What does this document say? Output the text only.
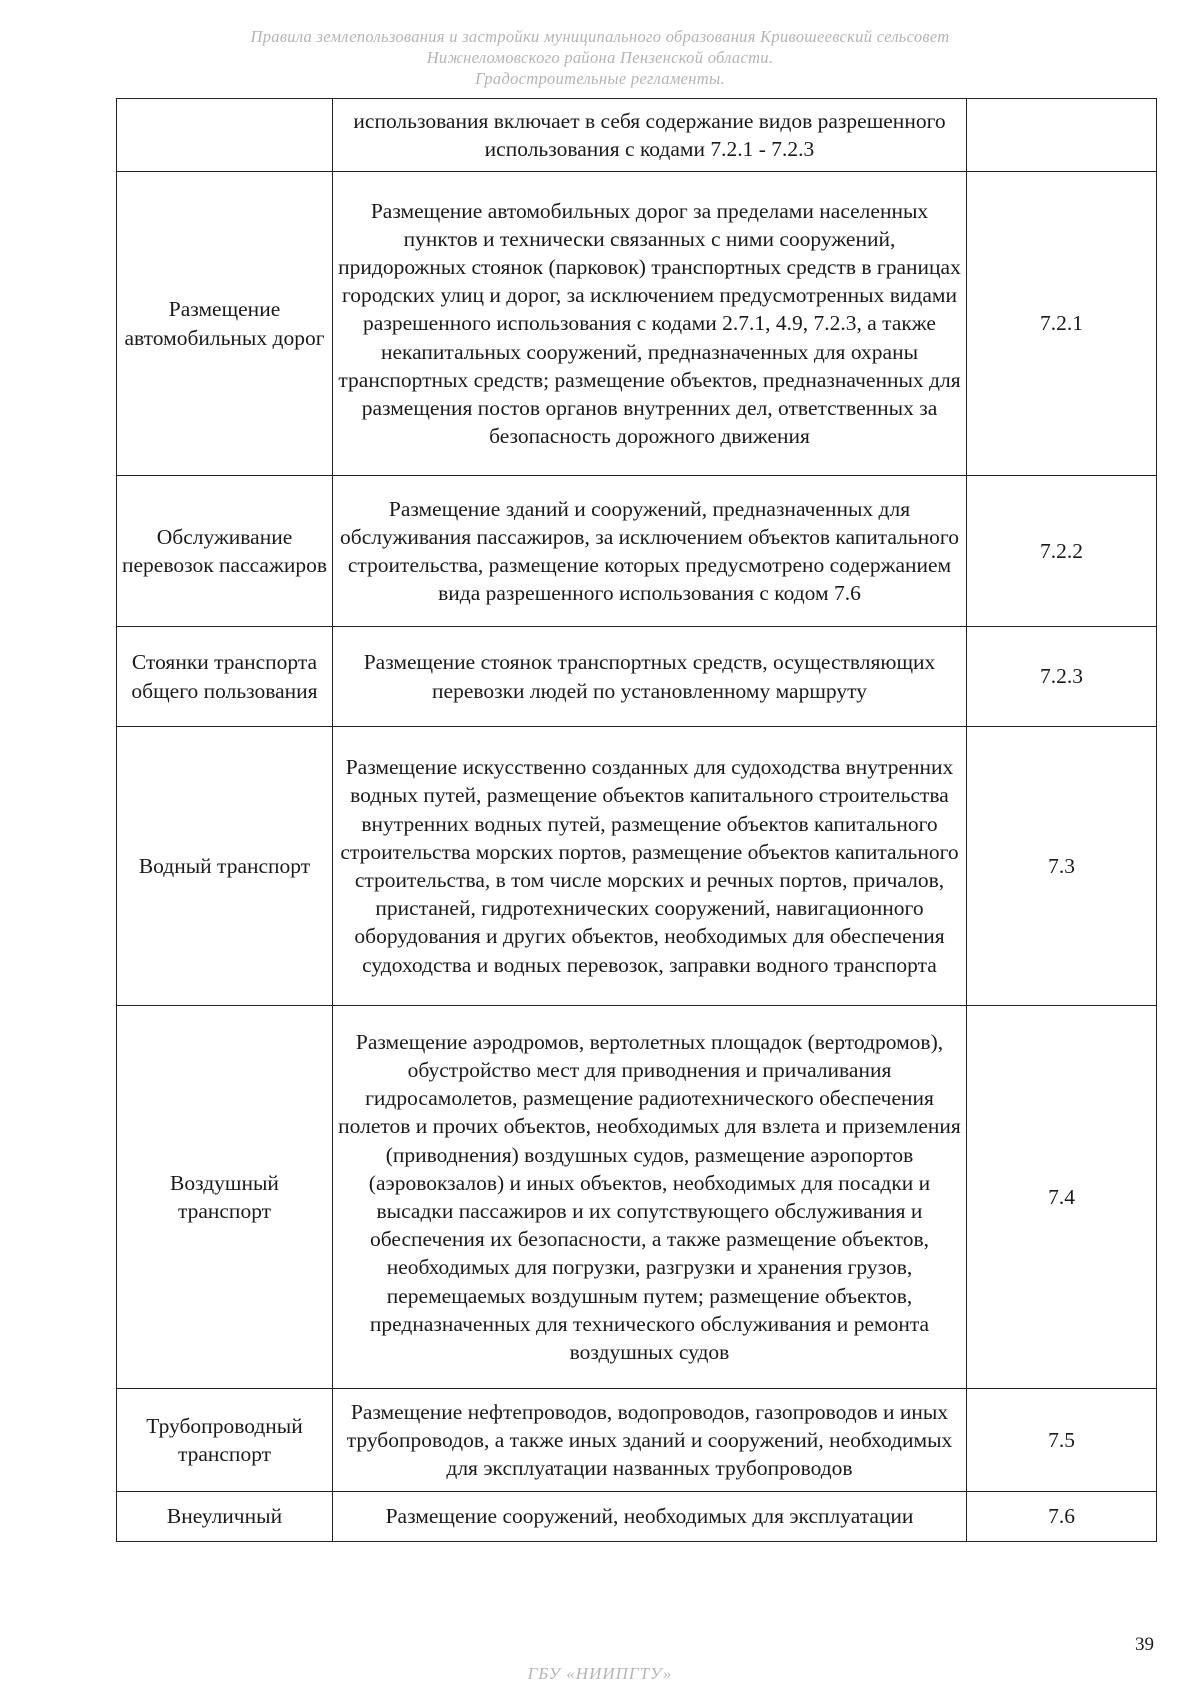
Правила землепользования и застройки муниципального образования Кривошеевский сельсовет
Нижнеломовского района Пензенской области.
Градостроительные регламенты.
	использования включает в себя содержание видов разрешенного использования с кодами 7.2.1 - 7.2.3	
Размещение автомобильных дорог	Размещение автомобильных дорог за пределами населенных пунктов и технически связанных с ними сооружений, придорожных стоянок (парковок) транспортных средств в границах городских улиц и дорог, за исключением предусмотренных видами разрешенного использования с кодами 2.7.1, 4.9, 7.2.3, а также некапитальных сооружений, предназначенных для охраны транспортных средств; размещение объектов, предназначенных для размещения постов органов внутренних дел, ответственных за безопасность дорожного движения	7.2.1
Обслуживание перевозок пассажиров	Размещение зданий и сооружений, предназначенных для обслуживания пассажиров, за исключением объектов капитального строительства, размещение которых предусмотрено содержанием вида разрешенного использования с кодом 7.6	7.2.2
Стоянки транспорта общего пользования	Размещение стоянок транспортных средств, осуществляющих перевозки людей по установленному маршруту	7.2.3
Водный транспорт	Размещение искусственно созданных для судоходства внутренних водных путей, размещение объектов капитального строительства внутренних водных путей, размещение объектов капитального строительства морских портов, размещение объектов капитального строительства, в том числе морских и речных портов, причалов, пристаней, гидротехнических сооружений, навигационного оборудования и других объектов, необходимых для обеспечения судоходства и водных перевозок, заправки водного транспорта	7.3
Воздушный транспорт	Размещение аэродромов, вертолетных площадок (вертодромов), обустройство мест для приводнения и причаливания гидросамолетов, размещение радиотехнического обеспечения полетов и прочих объектов, необходимых для взлета и приземления (приводнения) воздушных судов, размещение аэропортов (аэровокзалов) и иных объектов, необходимых для посадки и высадки пассажиров и их сопутствующего обслуживания и обеспечения их безопасности, а также размещение объектов, необходимых для погрузки, разгрузки и хранения грузов, перемещаемых воздушным путем; размещение объектов, предназначенных для технического обслуживания и ремонта воздушных судов	7.4
Трубопроводный транспорт	Размещение нефтепроводов, водопроводов, газопроводов и иных трубопроводов, а также иных зданий и сооружений, необходимых для эксплуатации названных трубопроводов	7.5
Внеуличный	Размещение сооружений, необходимых для эксплуатации	7.6
39
ГБУ «НИИПГТУ»
